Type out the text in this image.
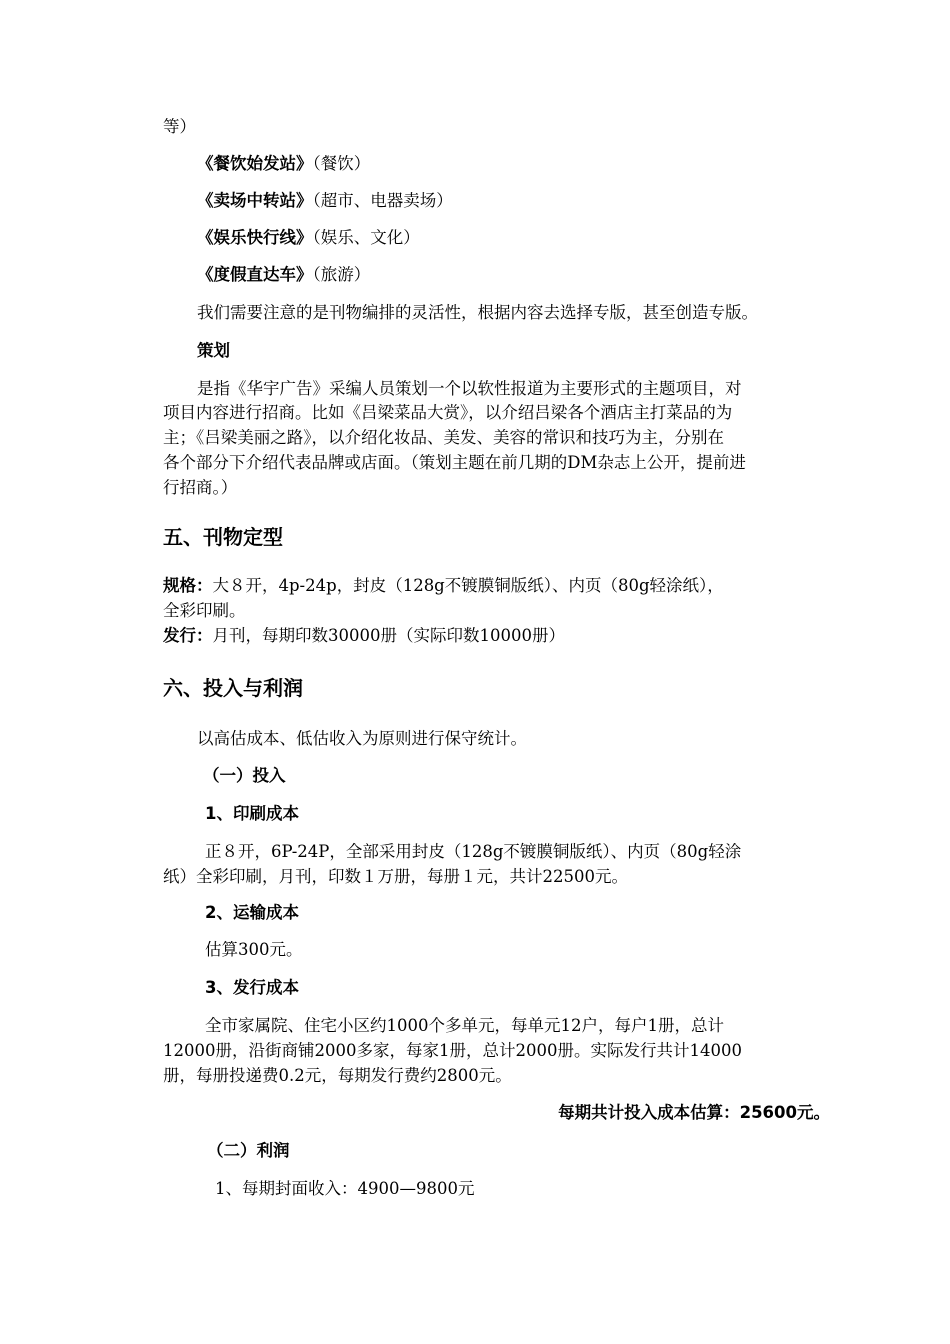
等）
《餐饮始发站》（餐饮）
《卖场中转站》（超市、电器卖场）
《娱乐快行线》（娱乐、文化）
《度假直达车》（旅游）
我们需要注意的是刊物编排的灵活性，根据内容去选择专版，甚至创造专版。
策划
是指《华宇广告》采编人员策划一个以软性报道为主要形式的主题项目，对
项目内容进行招商。比如《吕梁菜品大赏》，以介绍吕梁各个酒店主打菜品的为
主；《吕梁美丽之路》，以介绍化妆品、美发、美容的常识和技巧为主，分别在
各个部分下介绍代表品牌或店面。（策划主题在前几期的DM杂志上公开，提前进
行招商。）
五、刊物定型
规格：大８开，4p-24p，封皮（128g不镀膜铜版纸）、内页（80g轻涂纸），
全彩印刷。
发行：月刊，每期印数30000册（实际印数10000册）
六、投入与利润
以高估成本、低估收入为原则进行保守统计。
（一）投入
1、印刷成本
正８开，6P-24P，全部采用封皮（128g不镀膜铜版纸）、内页（80g轻涂
纸）全彩印刷，月刊，印数１万册，每册１元，共计22500元。
2、运输成本
估算300元。
3、发行成本
全市家属院、住宅小区约1000个多单元，每单元12户，每户1册，总计
12000册，沿街商铺2000多家，每家1册，总计2000册。实际发行共计14000
册，每册投递费0.2元，每期发行费约2800元。
每期共计投入成本估算：25600元。
（二）利润
1、每期封面收入：4900—9800元
